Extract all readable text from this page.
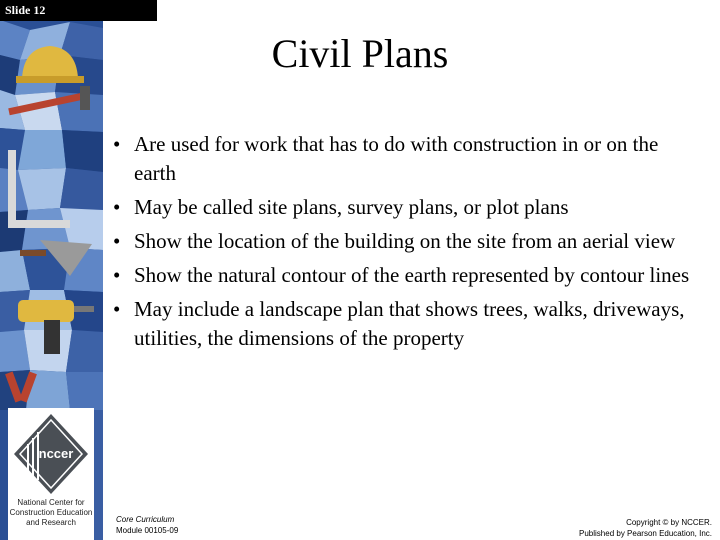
Slide 12
nccer
National Center for Construction Education and Research
Civil Plans
• Are used for work that has to do with construction in or on the earth
• May be called site plans, survey plans, or plot plans
• Show the location of the building on the site from an aerial view
• Show the natural contour of the earth represented by contour lines
• May include a landscape plan that shows trees, walks, driveways, utilities, the dimensions of the property
Core Curriculum
Module 00105-09
Copyright © by NCCER.
Published by Pearson Education, Inc.
